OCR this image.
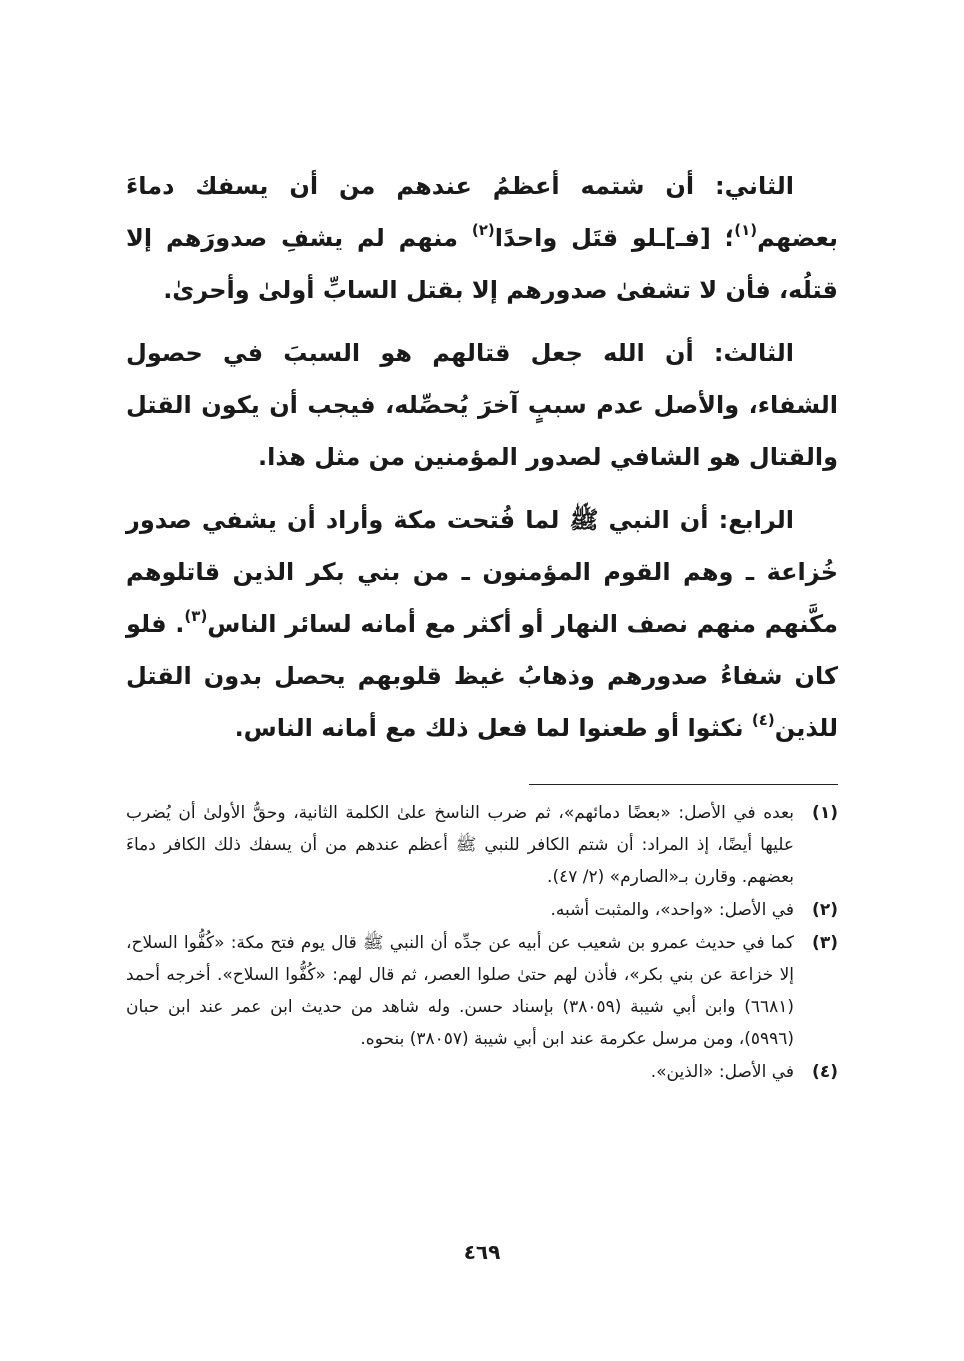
الثاني: أن شتمه أعظمُ عندهم من أن يسفك دماءَ بعضهم$^{(١)}$؛ [فـ]ـلو قتَل واحدًا$^{(٢)}$ منهم لم يشفِ صدورَهم إلا قتلُه، فأن لا تشفىٰ صدورهم إلا بقتل السابِّ أولىٰ وأحرىٰ.

الثالث: أن الله جعل قتالهم هو السببَ في حصول الشفاء، والأصل عدم سببٍ آخرَ يُحصِّله، فيجب أن يكون القتل والقتال هو الشافي لصدور المؤمنين من مثل هذا.

الرابع: أن النبي ﷺ لما فُتحت مكة وأراد أن يشفي صدور خُزاعة ـ وهم القوم المؤمنون ـ من بني بكر الذين قاتلوهم مكَّنهم منهم نصف النهار أو أكثر مع أمانه لسائر الناس$^{(٣)}$. فلو كان شفاءُ صدورهم وذهابُ غيظ قلوبهم يحصل بدون القتل للذين$^{(٤)}$ نكثوا أو طعنوا لما فعل ذلك مع أمانه الناس.

(١)
بعده في الأصل: «بعضًا دمائهم»، ثم ضرب الناسخ علىٰ الكلمة الثانية، وحقُّ الأولىٰ أن يُضرب عليها أيضًا، إذ المراد: أن شتم الكافر للنبي ﷺ أعظم عندهم من أن يسفك ذلك الكافر دماءَ بعضهم. وقارن بـ«الصارم» (٢/ ٤٧).
(٢)
في الأصل: «واحد»، والمثبت أشبه.
(٣)
كما في حديث عمرو بن شعيب عن أبيه عن جدِّه أن النبي ﷺ قال يوم فتح مكة: «كُفُّوا السلاح، إلا خزاعة عن بني بكر»، فأذن لهم حتىٰ صلوا العصر، ثم قال لهم: «كُفُّوا السلاح». أخرجه أحمد (٦٦٨١) وابن أبي شيبة (٣٨٠٥٩) بإسناد حسن. وله شاهد من حديث ابن عمر عند ابن حبان (٥٩٩٦)، ومن مرسل عكرمة عند ابن أبي شيبة (٣٨٠٥٧) بنحوه.
(٤)
في الأصل: «الذين».
٤٦٩
